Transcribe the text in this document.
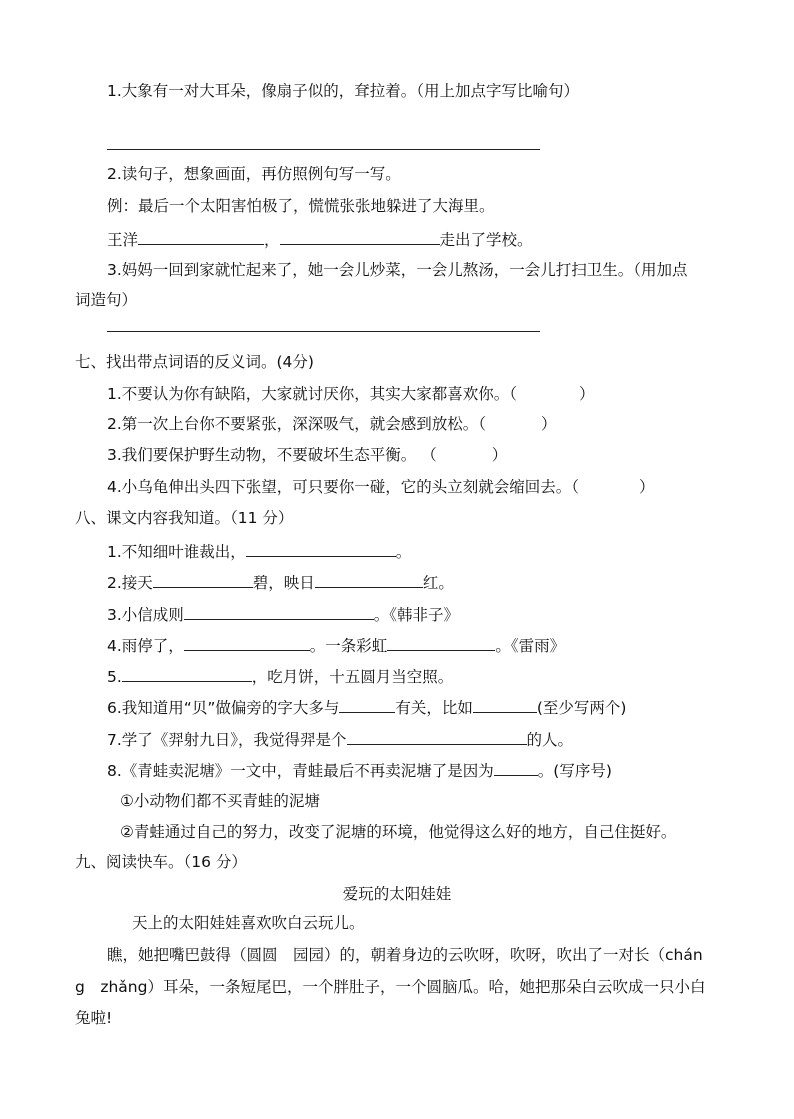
1.大象有一对大耳朵，像扇子似的，耷拉着。（用上加点字写比喻句）
2.读句子，想象画面，再仿照例句写一写。
例：最后一个太阳害怕极了，慌慌张张地躲进了大海里。
王洋	，	走出了学校。
3.妈妈一回到家就忙起来了，她一会儿炒菜，一会儿熬汤，一会儿打扫卫生。（用加点
词造句）
七、找出带点词语的反义词。(4分)
1.不要认为你有缺陷，大家就讨厌你，其实大家都喜欢你。（	）
2.第一次上台你不要紧张，深深吸气，就会感到放松。（	）
3.我们要保护野生动物，不要破坏生态平衡。 （	）
4.小乌龟伸出头四下张望，可只要你一碰，它的头立刻就会缩回去。（	）
八、课文内容我知道。（11 分）
1.不知细叶谁裁出，	。
2.接天	碧，映日	红。
3.小信成则	。《韩非子》
4.雨停了，	。一条彩虹	。《雷雨》
5.	，吃月饼，十五圆月当空照。
6.我知道用“贝”做偏旁的字大多与	有关，比如	(至少写两个)
7.学了《羿射九日》，我觉得羿是个	的人。
8.《青蛙卖泥塘》一文中，青蛙最后不再卖泥塘了是因为	。(写序号)
①小动物们都不买青蛙的泥塘
②青蛙通过自己的努力，改变了泥塘的环境，他觉得这么好的地方，自己住挺好。
九、阅读快车。（16 分）
爱玩的太阳娃娃
天上的太阳娃娃喜欢吹白云玩儿。
瞧，她把嘴巴鼓得（圆圆　园园）的，朝着身边的云吹呀，吹呀，吹出了一对长（chán
g　zhǎng）耳朵，一条短尾巴，一个胖肚子，一个圆脑瓜。哈，她把那朵白云吹成一只小白
兔啦!
